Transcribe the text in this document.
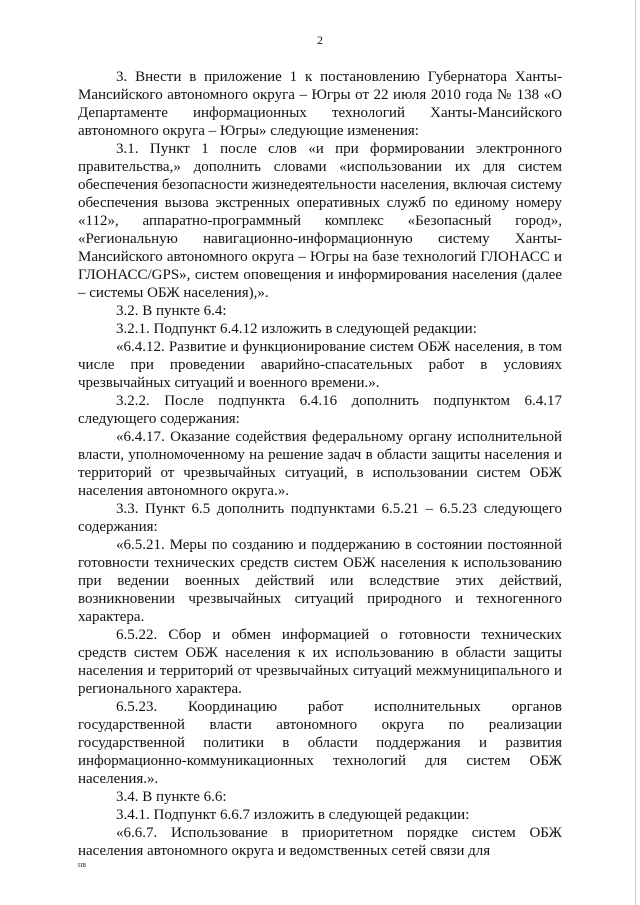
2

3. Внести в приложение 1 к постановлению Губернатора Ханты-Мансийского автономного округа – Югры от 22 июля 2010 года № 138 «О Департаменте информационных технологий Ханты-Мансийского автономного округа – Югры» следующие изменения:

3.1. Пункт 1 после слов «и при формировании электронного правительства,» дополнить словами «использовании их для систем обеспечения безопасности жизнедеятельности населения, включая систему обеспечения вызова экстренных оперативных служб по единому номеру «112», аппаратно-программный комплекс «Безопасный город», «Региональную навигационно-информационную систему Ханты-Мансийского автономного округа – Югры на базе технологий ГЛОНАСС и ГЛОНАСС/GPS», систем оповещения и информирования населения (далее – системы ОБЖ населения),».

3.2. В пункте 6.4:

3.2.1. Подпункт 6.4.12 изложить в следующей редакции:

«6.4.12. Развитие и функционирование систем ОБЖ населения, в том числе при проведении аварийно-спасательных работ в условиях чрезвычайных ситуаций и военного времени.».

3.2.2. После подпункта 6.4.16 дополнить подпунктом 6.4.17 следующего содержания:

«6.4.17. Оказание содействия федеральному органу исполнительной власти, уполномоченному на решение задач в области защиты населения и территорий от чрезвычайных ситуаций, в использовании систем ОБЖ населения автономного округа.».

3.3. Пункт 6.5 дополнить подпунктами 6.5.21 – 6.5.23 следующего содержания:

«6.5.21. Меры по созданию и поддержанию в состоянии постоянной готовности технических средств систем ОБЖ населения к использованию при ведении военных действий или вследствие этих действий, возникновении чрезвычайных ситуаций природного и техногенного характера.

6.5.22. Сбор и обмен информацией о готовности технических средств систем ОБЖ населения к их использованию в области защиты населения и территорий от чрезвычайных ситуаций межмуниципального и регионального характера.

6.5.23. Координацию работ исполнительных органов государственной власти автономного округа по реализации государственной политики в области поддержания и развития информационно-коммуникационных технологий для систем ОБЖ населения.».

3.4. В пункте 6.6:

3.4.1. Подпункт 6.6.7 изложить в следующей редакции:

«6.6.7. Использование в приоритетном порядке систем ОБЖ населения автономного округа и ведомственных сетей связи для

нв
